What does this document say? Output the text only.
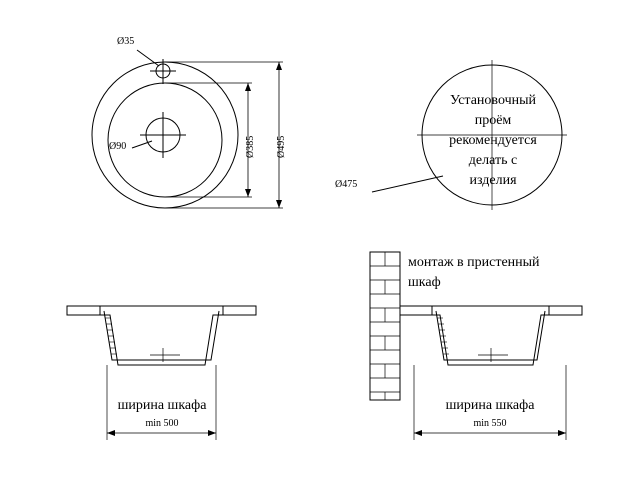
Ø35
Ø90	Ø385 Ø495
Ø475
Установочный
проём
рекомендуется
делать с
изделия
монтаж в пристенный
шкаф
ширина шкафа
min 500
ширина шкафа
min 550
